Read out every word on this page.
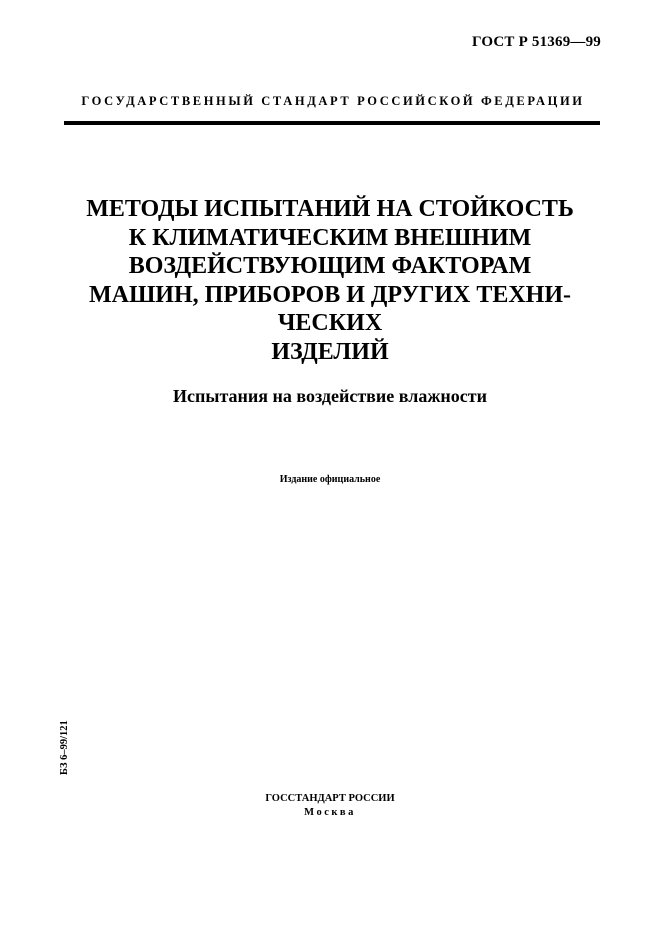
ГОСТ Р 51369—99
ГОСУДАРСТВЕННЫЙ СТАНДАРТ РОССИЙСКОЙ ФЕДЕРАЦИИ
МЕТОДЫ ИСПЫТАНИЙ НА СТОЙКОСТЬ
К КЛИМАТИЧЕСКИМ ВНЕШНИМ
ВОЗДЕЙСТВУЮЩИМ ФАКТОРАМ
МАШИН, ПРИБОРОВ И ДРУГИХ ТЕХНИ-
ЧЕСКИХ
ИЗДЕЛИЙ
Испытания на воздействие влажности
Издание официальное
БЗ 6–99/121
ГОССТАНДАРТ РОССИИ
Москва
